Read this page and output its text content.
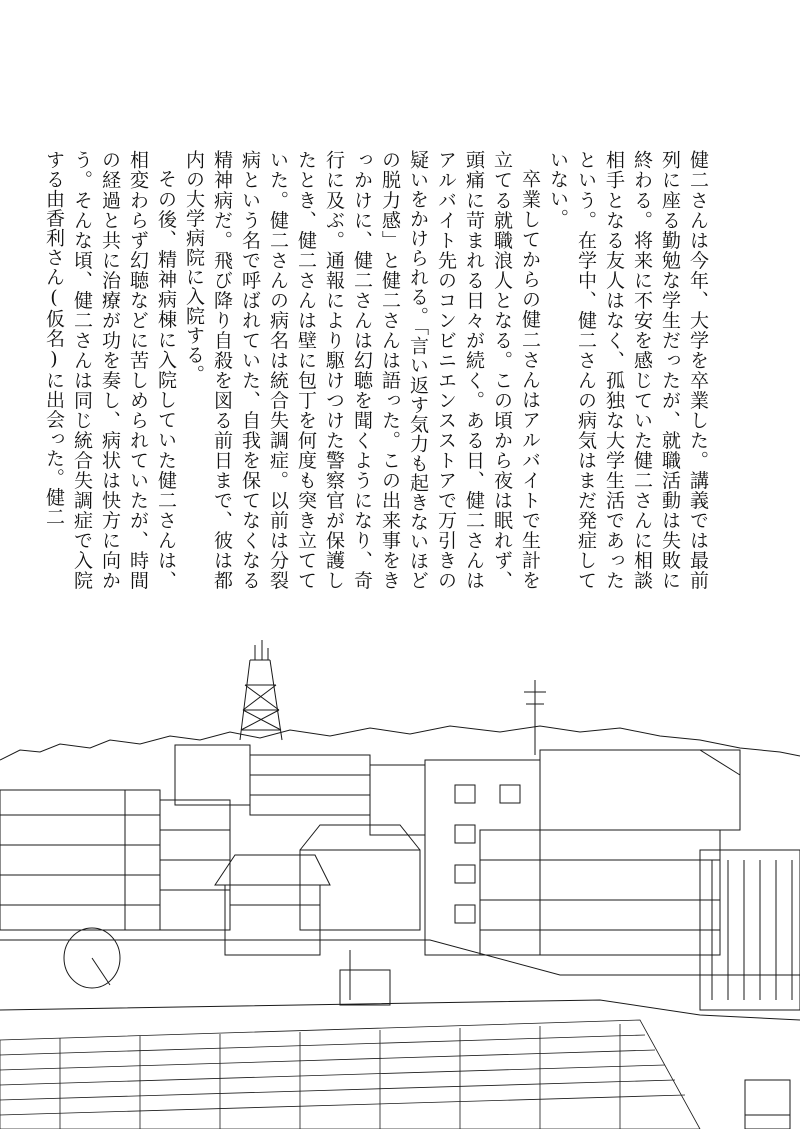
健二さんは今年、大学を卒業した。講義では最前列に座る勤勉な学生だったが、就職活動は失敗に終わる。将来に不安を感じていた健二さんに相談相手となる友人はなく、孤独な大学生活であったという。在学中、健二さんの病気はまだ発症していない。

卒業してからの健二さんはアルバイトで生計を立てる就職浪人となる。この頃から夜は眠れず、頭痛に苛まれる日々が続く。ある日、健二さんはアルバイト先のコンビニエンスストアで万引きの疑いをかけられる。「言い返す気力も起きないほどの脱力感」と健二さんは語った。この出来事をきっかけに、健二さんは幻聴を聞くようになり、奇行に及ぶ。通報により駆けつけた警察官が保護したとき、健二さんは壁に包丁を何度も突き立てていた。健二さんの病名は統合失調症。以前は分裂病という名で呼ばれていた、自我を保てなくなる精神病だ。飛び降り自殺を図る前日まで、彼は都内の大学病院に入院する。

その後、精神病棟に入院していた健二さんは、相変わらず幻聴などに苦しめられていたが、時間の経過と共に治療が功を奏し、病状は快方に向かう。そんな頃、健二さんは同じ統合失調症で入院する由香利さん(仮名)に出会った。健二
